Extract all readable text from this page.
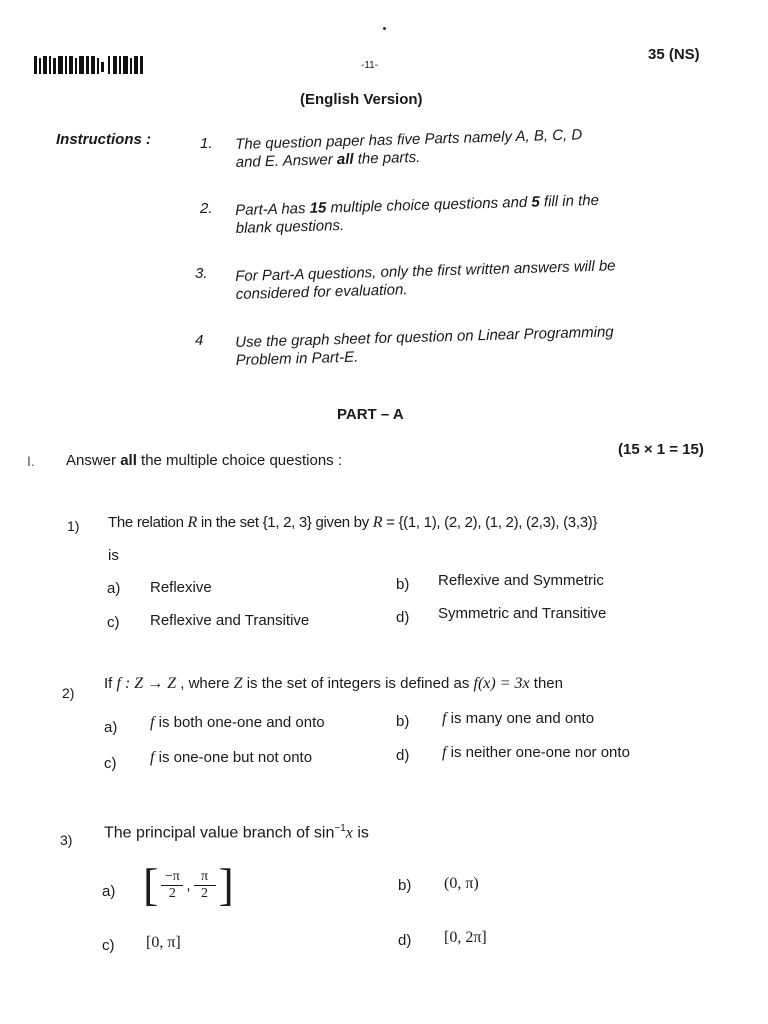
-11-
35 (NS)
(English Version)
Instructions :	1. The question paper has five Parts namely A, B, C, D
and E. Answer all the parts.
2. Part-A has 15 multiple choice questions and 5 fill in the
blank questions.
3. For Part-A questions, only the first written answers will be
considered for evaluation.
4 Use the graph sheet for question on Linear Programming
Problem in Part-E.
PART – A
I. Answer all the multiple choice questions :
(15 × 1 = 15)
1) The relation R in the set {1, 2, 3} given by R = {(1, 1), (2, 2), (1, 2), (2,3), (3,3)}
is
a) Reflexive	b) Reflexive and Symmetric
c) Reflexive and Transitive	d) Symmetric and Transitive
2)
If f : Z → Z , where Z is the set of integers is defined as f(x) = 3x then
a) f is both one-one and onto	b) f is many one and onto
c) f is one-one but not onto	d) f is neither one-one nor onto
3) The principal value branch of $\sin^{-1}x$ is
a) [ $\frac{-\pi}{2}$ , $\frac{\pi}{2}$ ]	b) (0, π)
c) [0, π]	d) [0, 2π]
